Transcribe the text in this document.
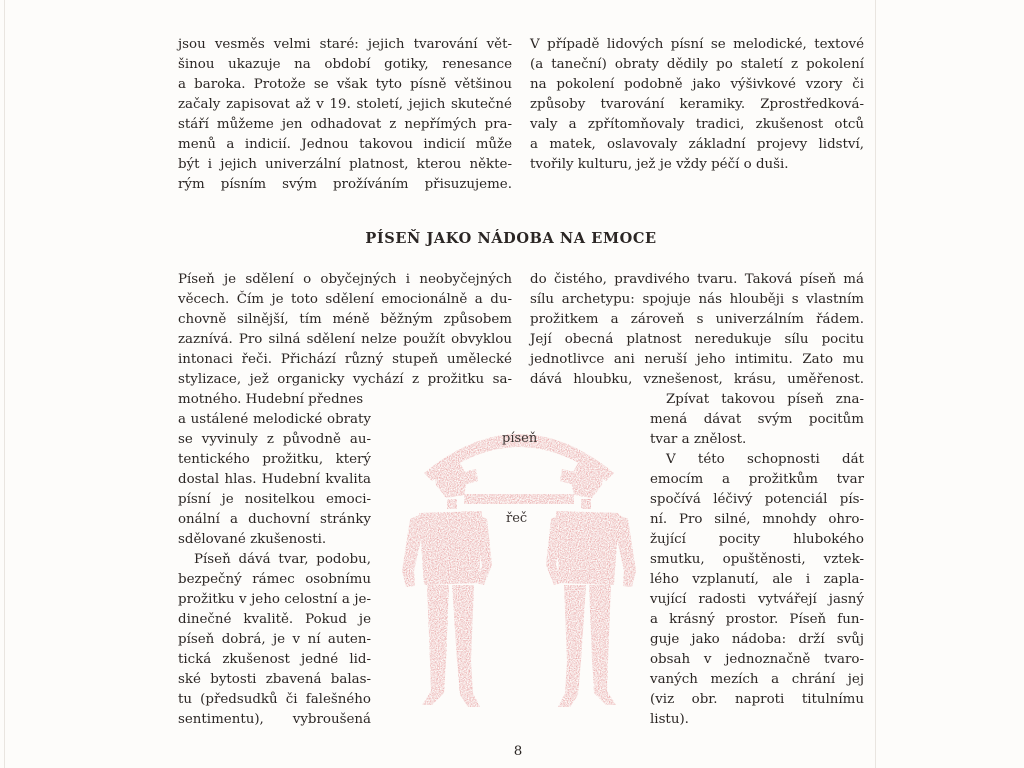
jsou vesměs velmi staré: jejich tvarování vět-

šinou ukazuje na období gotiky, renesance

a baroka. Protože se však tyto písně většinou

začaly zapisovat až v 19. století, jejich skutečné

stáří můžeme jen odhadovat z nepřímých pra-

menů a indicií. Jednou takovou indicií může

být i jejich univerzální platnost, kterou někte-

rým písním svým prožíváním přisuzujeme.

V případě lidových písní se melodické, textové

(a taneční) obraty dědily po staletí z pokolení

na pokolení podobně jako výšivkové vzory či

způsoby tvarování keramiky. Zprostředková-

valy a zpřítomňovaly tradici, zkušenost otců

a matek, oslavovaly základní projevy lidství,

tvořily kulturu, jež je vždy péčí o duši.

PÍSEŇ JAKO NÁDOBA NA EMOCE

Píseň je sdělení o obyčejných i neobyčejných

věcech. Čím je toto sdělení emocionálně a du-

chovně silnější, tím méně běžným způsobem

zaznívá. Pro silná sdělení nelze použít obvyklou

intonaci řeči. Přichází různý stupeň umělecké

stylizace, jež organicky vychází z prožitku sa-

motného. Hudební přednes

a ustálené melodické obraty

se vyvinuly z původně au-

tentického prožitku, který

dostal hlas. Hudební kvalita

písní je nositelkou emoci-

onální a duchovní stránky

sdělované zkušenosti.

Píseň dává tvar, podobu,

bezpečný rámec osobnímu

prožitku v jeho celostní a je-

dinečné kvalitě. Pokud je

píseň dobrá, je v ní auten-

tická zkušenost jedné lid-

ské bytosti zbavená balas-

tu (předsudků či falešného

sentimentu), vybroušená

do čistého, pravdivého tvaru. Taková píseň má

sílu archetypu: spojuje nás hlouběji s vlastním

prožitkem a zároveň s univerzálním řádem.

Její obecná platnost neredukuje sílu pocitu

jednotlivce ani neruší jeho intimitu. Zato mu

dává hloubku, vznešenost, krásu, uměřenost.

Zpívat takovou píseň zna-

mená dávat svým pocitům

tvar a znělost.

V této schopnosti dát

emocím a prožitkům tvar

spočívá léčivý potenciál pís-

ní. Pro silné, mnohdy ohro-

žující pocity hlubokého

smutku, opuštěnosti, vztek-

lého vzplanutí, ale i zapla-

vující radosti vytvářejí jasný

a krásný prostor. Píseň fun-

guje jako nádoba: drží svůj

obsah v jednoznačně tvaro-

vaných mezích a chrání jej

(viz obr. naproti titulnímu

listu).

píseň
řeč

8
